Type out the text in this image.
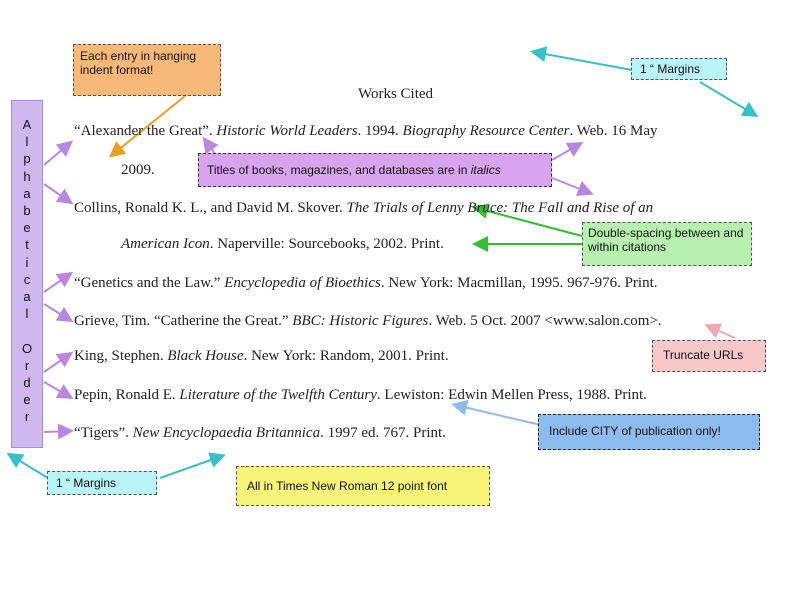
A
l
p
h
a
b
e
t
i
c
a
l
O
r
d
e
r
Works Cited
“Alexander the Great”. Historic World Leaders. 1994. Biography Resource Center. Web. 16 May
2009.
Collins, Ronald K. L., and David M. Skover. The Trials of Lenny Bruce: The Fall and Rise of an
American Icon. Naperville: Sourcebooks, 2002. Print.
“Genetics and the Law.” Encyclopedia of Bioethics. New York: Macmillan, 1995. 967-976. Print.
Grieve, Tim. “Catherine the Great.” BBC: Historic Figures. Web. 5 Oct. 2007 <www.salon.com>.
King, Stephen. Black House. New York: Random, 2001. Print.
Pepin, Ronald E. Literature of the Twelfth Century. Lewiston: Edwin Mellen Press, 1988. Print.
“Tigers”. New Encyclopaedia Britannica. 1997 ed. 767. Print.
Each entry in hanging indent format!	1 “ Margins
Titles of books, magazines, and databases are in italics
Double-spacing between and within citations
Truncate URLs
Include CITY of publication only!
1 “ Margins	All in Times New Roman 12 point font
